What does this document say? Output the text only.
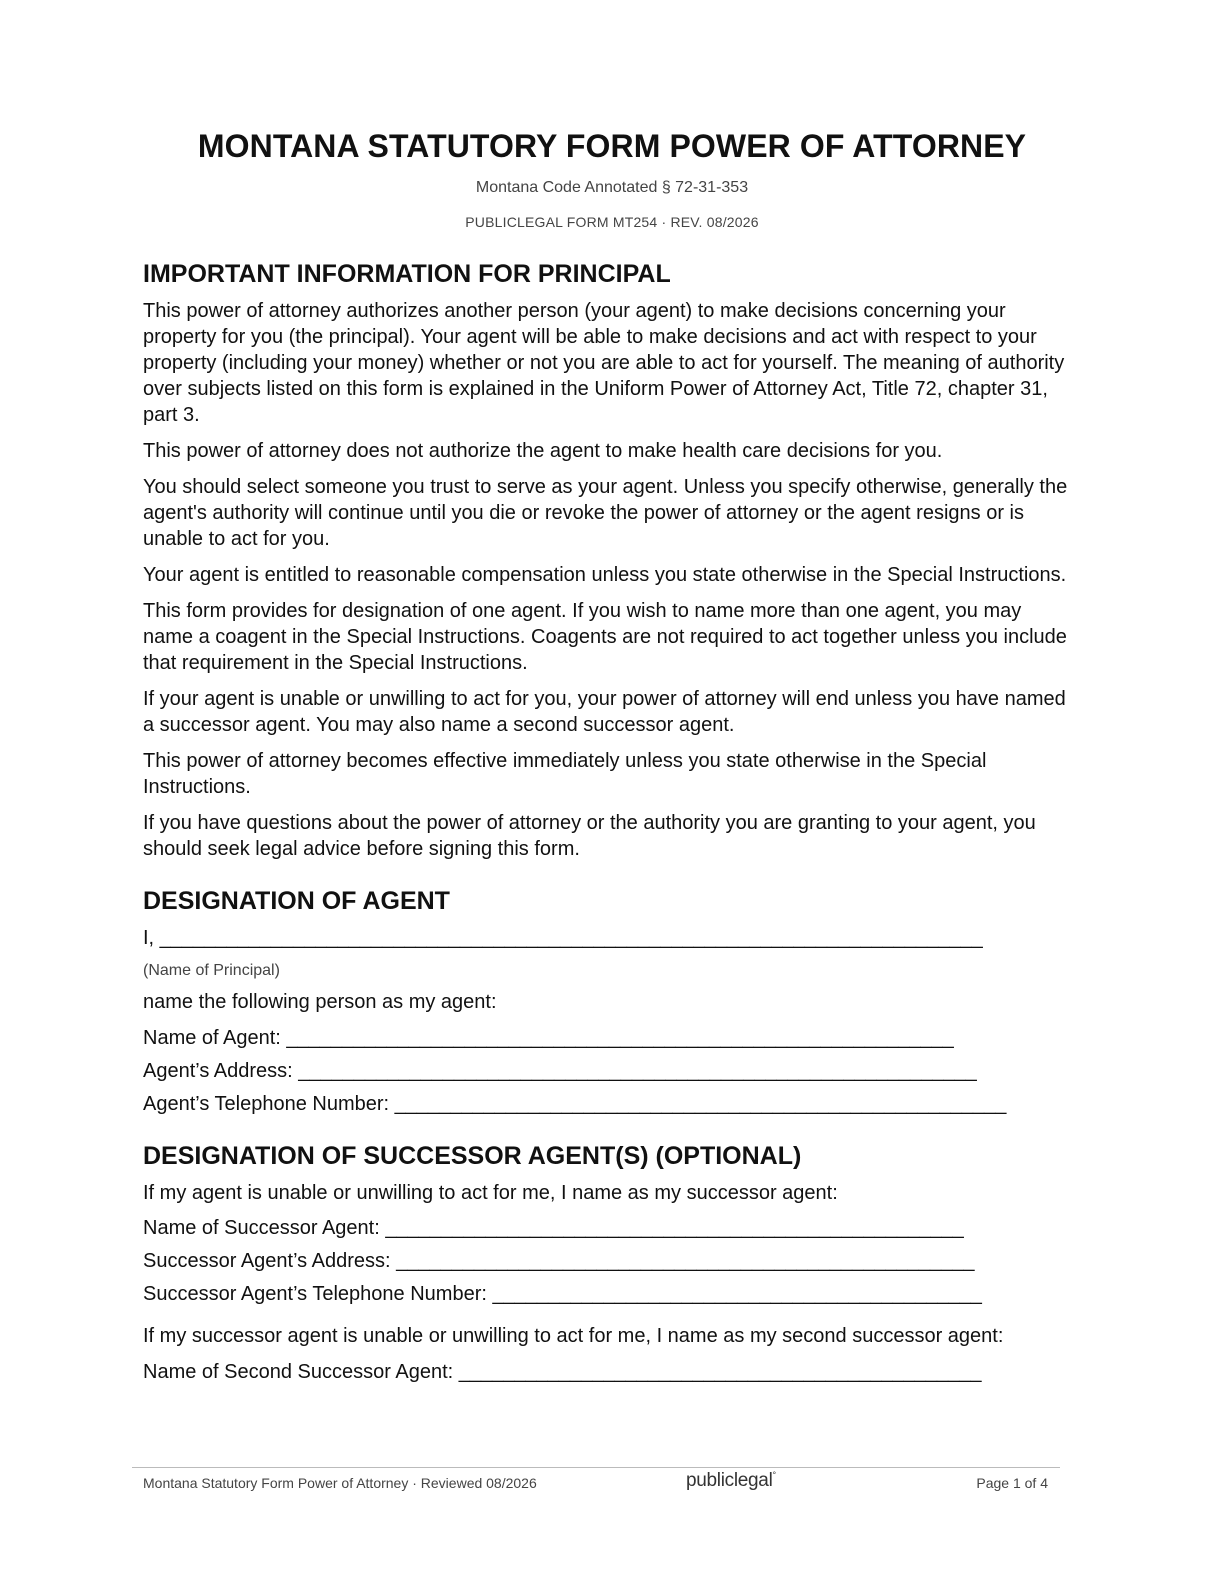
MONTANA STATUTORY FORM POWER OF ATTORNEY
Montana Code Annotated § 72-31-353
PUBLICLEGAL FORM MT254 · REV. 08/2026
IMPORTANT INFORMATION FOR PRINCIPAL

This power of attorney authorizes another person (your agent) to make decisions concerning your property for you (the principal). Your agent will be able to make decisions and act with respect to your property (including your money) whether or not you are able to act for yourself. The meaning of authority over subjects listed on this form is explained in the Uniform Power of Attorney Act, Title 72, chapter 31, part 3.

This power of attorney does not authorize the agent to make health care decisions for you.

You should select someone you trust to serve as your agent. Unless you specify otherwise, generally the agent's authority will continue until you die or revoke the power of attorney or the agent resigns or is unable to act for you.

Your agent is entitled to reasonable compensation unless you state otherwise in the Special Instructions.

This form provides for designation of one agent. If you wish to name more than one agent, you may name a coagent in the Special Instructions. Coagents are not required to act together unless you include that requirement in the Special Instructions.

If your agent is unable or unwilling to act for you, your power of attorney will end unless you have named a successor agent. You may also name a second successor agent.

This power of attorney becomes effective immediately unless you state otherwise in the Special Instructions.

If you have questions about the power of attorney or the authority you are granting to your agent, you should seek legal advice before signing this form.

DESIGNATION OF AGENT
I, __________________________________________________________________________
(Name of Principal)
name the following person as my agent:
Name of Agent: ____________________________________________________________
Agent’s Address: _____________________________________________________________
Agent’s Telephone Number: _______________________________________________________
DESIGNATION OF SUCCESSOR AGENT(S) (OPTIONAL)
If my agent is unable or unwilling to act for me, I name as my successor agent:
Name of Successor Agent: ____________________________________________________
Successor Agent’s Address: ____________________________________________________
Successor Agent’s Telephone Number: ____________________________________________

If my successor agent is unable or unwilling to act for me, I name as my second successor agent:

Name of Second Successor Agent: _______________________________________________
Montana Statutory Form Power of Attorney · Reviewed 08/2026	publiclegal°	Page 1 of 4
